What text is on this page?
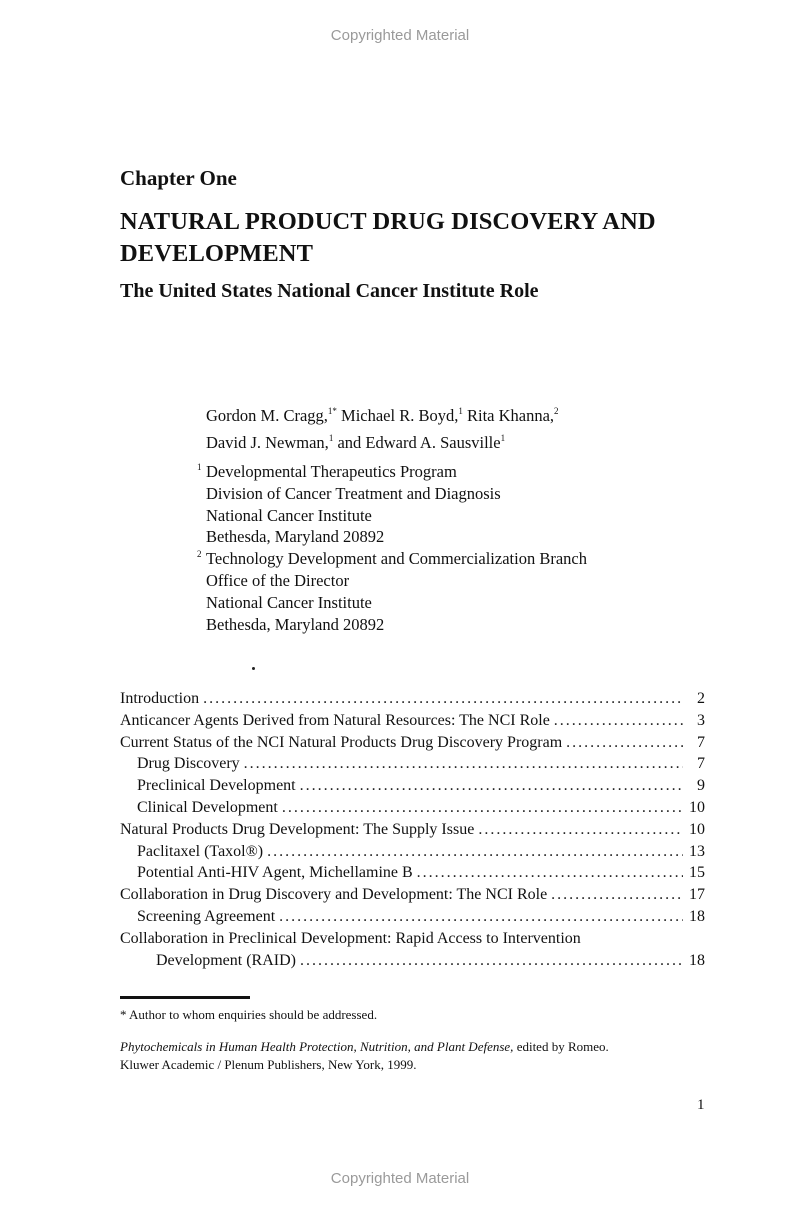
Copyrighted Material
Chapter One
NATURAL PRODUCT DRUG DISCOVERY AND DEVELOPMENT
The United States National Cancer Institute Role
Gordon M. Cragg,$^{1*}$ Michael R. Boyd,$^1$ Rita Khanna,$^2$
David J. Newman,$^1$ and Edward A. Sausville$^1$
1 Developmental Therapeutics Program
Division of Cancer Treatment and Diagnosis
National Cancer Institute
Bethesda, Maryland 20892
2 Technology Development and Commercialization Branch
Office of the Director
National Cancer Institute
Bethesda, Maryland 20892
Introduction .....	2
Anticancer Agents Derived from Natural Resources: The NCI Role .....	3
Current Status of the NCI Natural Products Drug Discovery Program .....	7
Drug Discovery .....	7
Preclinical Development .....	9
Clinical Development .....	10
Natural Products Drug Development: The Supply Issue .....	10
Paclitaxel (Taxol®) .....	13
Potential Anti-HIV Agent, Michellamine B .....	15
Collaboration in Drug Discovery and Development: The NCI Role .....	17
Screening Agreement .....	18
Collaboration in Preclinical Development: Rapid Access to Intervention
Development (RAID) .....	18
* Author to whom enquiries should be addressed.
Phytochemicals in Human Health Protection, Nutrition, and Plant Defense, edited by Romeo.
Kluwer Academic / Plenum Publishers, New York, 1999.
1
Copyrighted Material
